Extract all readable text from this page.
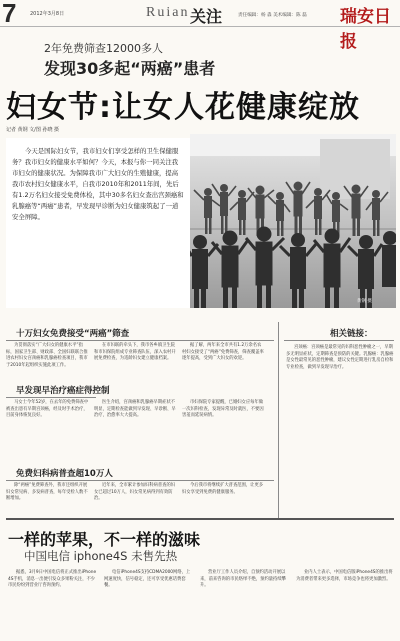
7	2012年3月8日	Ruian 关注	责任编辑：杨 淼 美术编辑：陈 磊 瑞安日报
2年免费筛查12000多人
发现30多起“两癌”患者
妇女节:让女人花健康绽放
记者 黄钢 文/图 孙晓 摄

今天是国际妇女节，我市妇女们享受怎样的卫生保健服务？我市妇女的健康水平如何？今天，本报与你一同关注我市妇女的健康状况。为保障我市广大妇女的生殖健康，提高我市农村妇女健康水平，自我市2010年和2011年间，先后有1.2万名妇女接受免费体检，其中30多名妇女查出宫颈癌和乳腺癌等“两癌”患者，早发现早诊断为妇女健康筑起了一道安全屏障。

黄钢 摄
十万妇女免费接受“两癌”筛查

为贯彻落实“广大妇女的健康水平”指标，国家卫生部、财政部、全国妇联联合推进农村妇女宫颈癌和乳腺癌检查项目，我市于2010年起组织实施此项工作。

在市妇联的牵头下，我市各乡镇卫生院和市妇保院组成专业筛查队伍，深入农村开展免费检查，为适龄妇女建立健康档案。

据了解，两年来全市共有1.2万余名农村妇女接受了“两癌”免费筛查，筛查覆盖率逐年提高，受到广大妇女的欢迎。

早发现早治疗癌症得控制

马女士今年52岁，在去年的免费筛查中被查出患有早期宫颈癌，经及时手术治疗，目前身体恢复良好。

医生介绍，宫颈癌和乳腺癌早期症状不明显，定期检查能做到早发现、早诊断、早治疗，治愈率大大提高。

市妇保院专家提醒，已婚妇女应每年做一次妇科检查，发现异常及时就医，不要因害羞而延误病情。

免费妇科病普查超10万人

除“两癌”免费筛查外，我市还组织开展妇女常见病、多发病普查，每年受检人数不断增加。

近年来，全市累计参加妇科病普查的妇女已超过10万人，妇女常见病得到有效防治。

今后我市将继续扩大普查范围，让更多妇女享受到免费的健康服务。

相关链接：

宫颈癌：宫颈癌是最常见的妇科恶性肿瘤之一，早期多无明显症状，定期筛查是预防的关键。乳腺癌：乳腺癌是女性最常见的恶性肿瘤，建议女性定期进行乳房自检和专业检查，做到早发现早治疗。

一样的苹果，不一样的滋味
中国电信 iphone4S 未售先热

据悉，3月9日中国电信将正式推出iPhone4S手机，消息一出便引发众多果粉关注，不少市民纷纷到营业厅咨询预约。

电信iPhone4S支持CDMA2000网络，上网速度快，信号稳定，还可享受优惠话费套餐。

营业厅工作人员介绍，自预约活动开展以来，前来咨询的市民络绎不绝，预约量持续攀升。

业内人士表示，中国电信版iPhone4S的推出将为消费者带来更多选择，市场竞争也将更加激烈。
